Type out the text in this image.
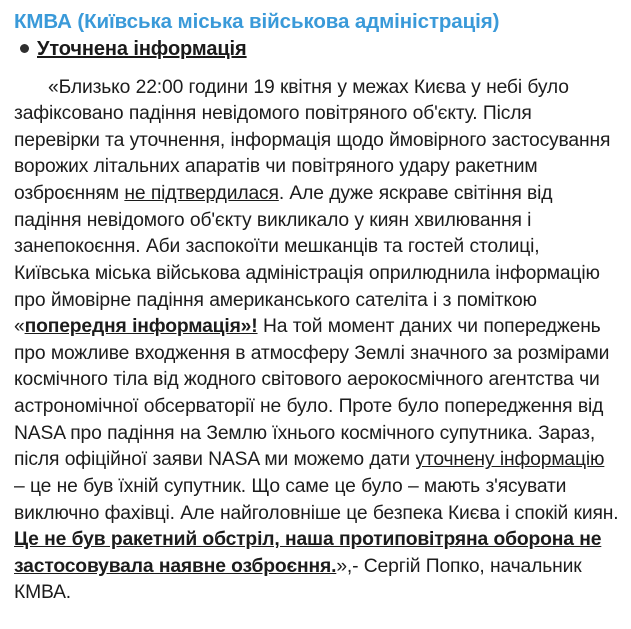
КМВА (Київська міська військова адміністрація)
Уточнена інформація
«Близько 22:00 години 19 квітня у межах Києва у небі було зафіксовано падіння невідомого повітряного об'єкту. Після перевірки та уточнення, інформація щодо ймовірного застосування ворожих літальних апаратів чи повітряного удару ракетним озброєнням не підтвердилася. Але дуже яскраве світіння від падіння невідомого об'єкту викликало у киян хвилювання і занепокоєння. Аби заспокоїти мешканців та гостей столиці, Київська міська військова адміністрація оприлюднила інформацію про ймовірне падіння американського сателіта і з поміткою «попередня інформація»! На той момент даних чи попереджень про можливе входження в атмосферу Землі значного за розмірами космічного тіла від жодного світового аерокосмічного агентства чи астрономічної обсерваторії не було. Проте було попередження від NASA про падіння на Землю їхнього космічного супутника. Зараз, після офіційної заяви NASA ми можемо дати уточнену інформацію – це не був їхній супутник. Що саме це було – мають з'ясувати виключно фахівці. Але найголовніше це безпека Києва і спокій киян. Це не був ракетний обстріл, наша протиповітряна оборона не застосовувала наявне озброєння.»,- Сергій Попко, начальник КМВА.
